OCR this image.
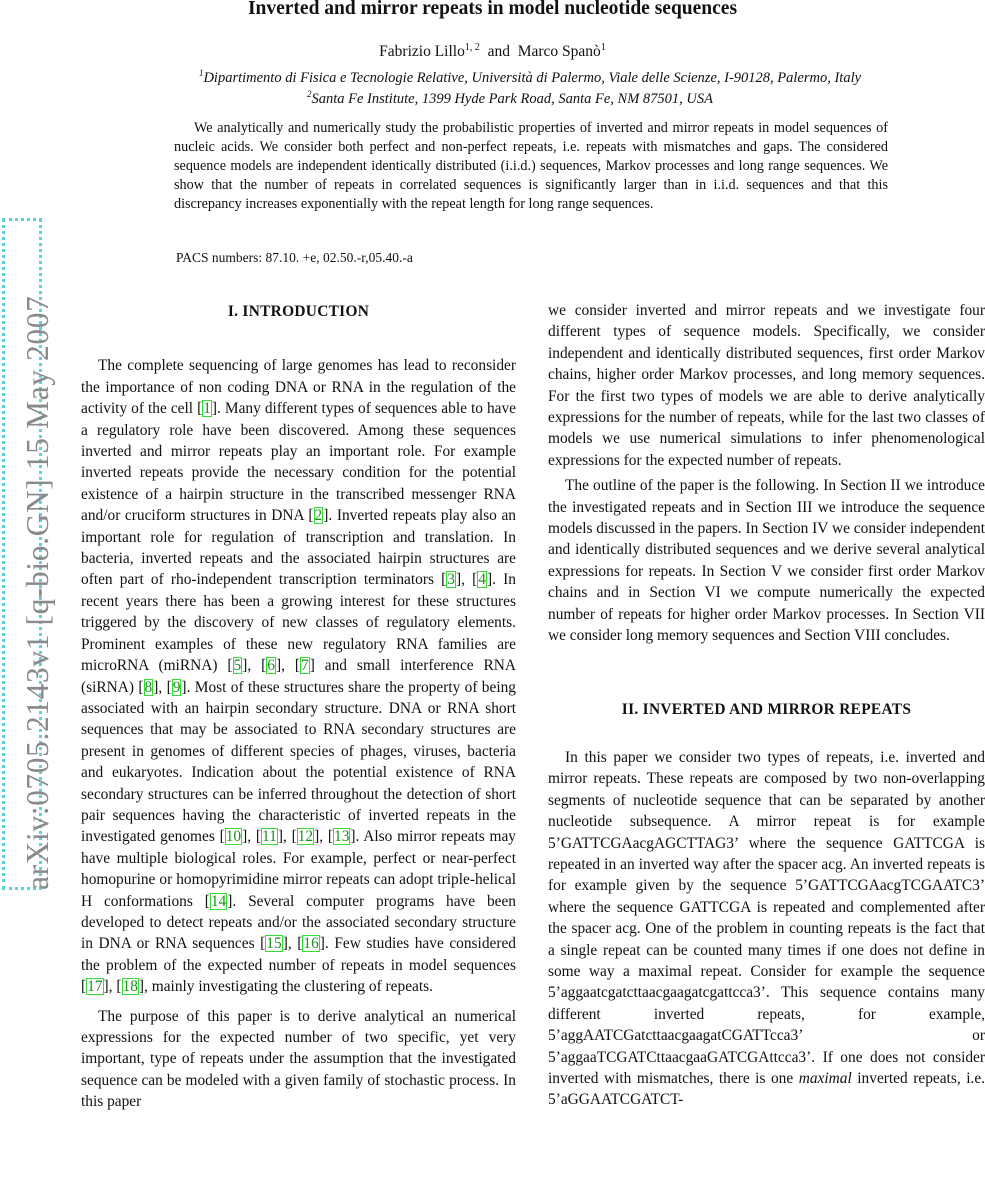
arXiv:0705.2143v1 [q-bio.GN] 15 May 2007
Inverted and mirror repeats in model nucleotide sequences
Fabrizio Lillo$^{1, 2}$ and Marco Spanò$^1$
$^1$Dipartimento di Fisica e Tecnologie Relative, Università di Palermo, Viale delle Scienze, I-90128, Palermo, Italy
$^2$Santa Fe Institute, 1399 Hyde Park Road, Santa Fe, NM 87501, USA
We analytically and numerically study the probabilistic properties of inverted and mirror repeats in model sequences of nucleic acids. We consider both perfect and non-perfect repeats, i.e. repeats with mismatches and gaps. The considered sequence models are independent identically distributed (i.i.d.) sequences, Markov processes and long range sequences. We show that the number of repeats in correlated sequences is significantly larger than in i.i.d. sequences and that this discrepancy increases exponentially with the repeat length for long range sequences.
PACS numbers: 87.10. +e, 02.50.-r,05.40.-a
I. INTRODUCTION

The complete sequencing of large genomes has lead to reconsider the importance of non coding DNA or RNA in the regulation of the activity of the cell [1]. Many different types of sequences able to have a regulatory role have been discovered. Among these sequences inverted and mirror repeats play an important role. For example inverted repeats provide the necessary condition for the potential existence of a hairpin structure in the transcribed messenger RNA and/or cruciform structures in DNA [2]. Inverted repeats play also an important role for regulation of transcription and translation. In bacteria, inverted repeats and the associated hairpin structures are often part of rho-independent transcription terminators [3], [4]. In recent years there has been a growing interest for these structures triggered by the discovery of new classes of regulatory elements. Prominent examples of these new regulatory RNA families are microRNA (miRNA) [5], [6], [7] and small interference RNA (siRNA) [8], [9]. Most of these structures share the property of being associated with an hairpin secondary structure. DNA or RNA short sequences that may be associated to RNA secondary structures are present in genomes of different species of phages, viruses, bacteria and eukaryotes. Indication about the potential existence of RNA secondary structures can be inferred throughout the detection of short pair sequences having the characteristic of inverted repeats in the investigated genomes [10], [11], [12], [13]. Also mirror repeats may have multiple biological roles. For example, perfect or near-perfect homopurine or homopyrimidine mirror repeats can adopt triple-helical H conformations [14]. Several computer programs have been developed to detect repeats and/or the associated secondary structure in DNA or RNA sequences [15], [16]. Few studies have considered the problem of the expected number of repeats in model sequences [17], [18], mainly investigating the clustering of repeats.

The purpose of this paper is to derive analytical an numerical expressions for the expected number of two specific, yet very important, type of repeats under the assumption that the investigated sequence can be modeled with a given family of stochastic process. In this paper

we consider inverted and mirror repeats and we investigate four different types of sequence models. Specifically, we consider independent and identically distributed sequences, first order Markov chains, higher order Markov processes, and long memory sequences. For the first two types of models we are able to derive analytically expressions for the number of repeats, while for the last two classes of models we use numerical simulations to infer phenomenological expressions for the expected number of repeats.

The outline of the paper is the following. In Section II we introduce the investigated repeats and in Section III we introduce the sequence models discussed in the papers. In Section IV we consider independent and identically distributed sequences and we derive several analytical expressions for repeats. In Section V we consider first order Markov chains and in Section VI we compute numerically the expected number of repeats for higher order Markov processes. In Section VII we consider long memory sequences and Section VIII concludes.

II. INVERTED AND MIRROR REPEATS

In this paper we consider two types of repeats, i.e. inverted and mirror repeats. These repeats are composed by two non-overlapping segments of nucleotide sequence that can be separated by another nucleotide subsequence. A mirror repeat is for example 5’GATTCGAacgAGCTTAG3’ where the sequence GATTCGA is repeated in an inverted way after the spacer acg. An inverted repeats is for example given by the sequence 5’GATTCGAacgTCGAATC3’ where the sequence GATTCGA is repeated and complemented after the spacer acg. One of the problem in counting repeats is the fact that a single repeat can be counted many times if one does not define in some way a maximal repeat. Consider for example the sequence 5’aggaatcgatcttaacgaagatcgattcca3’. This sequence contains many different inverted repeats, for example, 5’aggAATCGatcttaacgaagatCGATTcca3’ or 5’aggaaTCGATCttaacgaaGATCGAttcca3’. If one does not consider inverted with mismatches, there is one maximal inverted repeats, i.e. 5’aGGAATCGATCT-
